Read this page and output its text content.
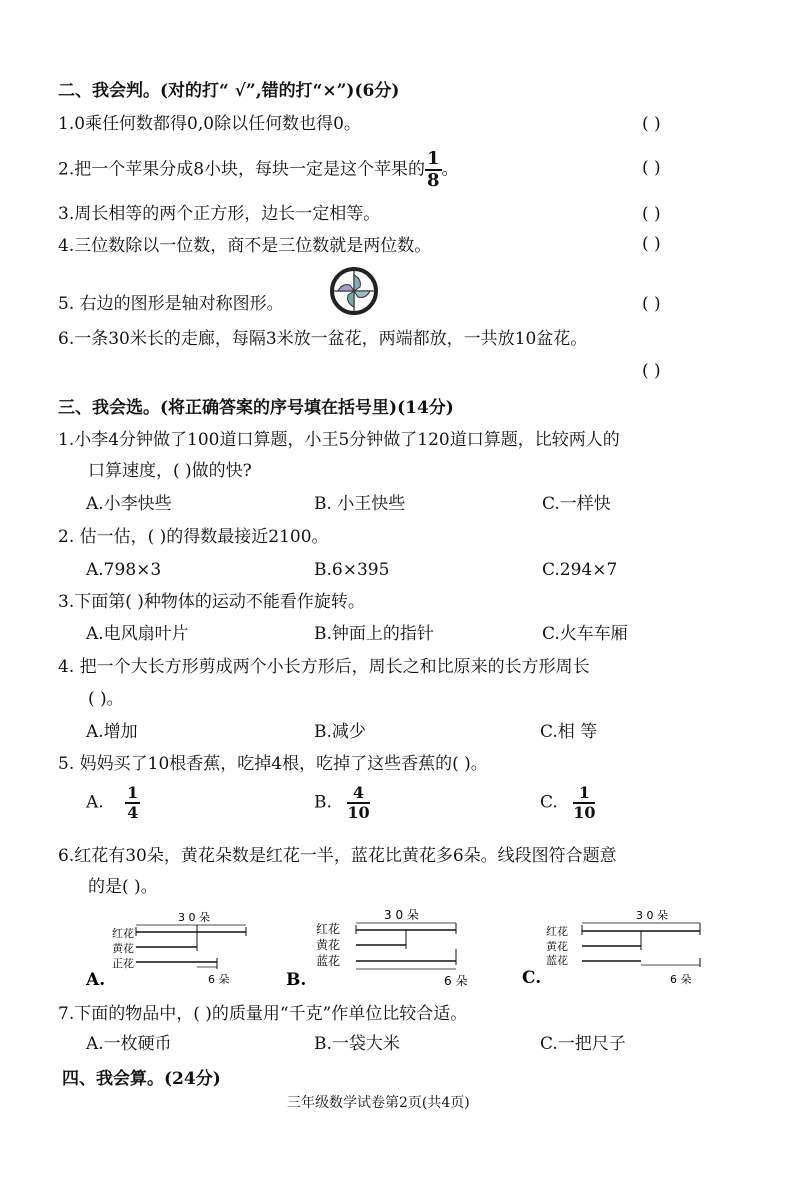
二、我会判。(对的打“ √”,错的打“×”)(6分)
1.0乘任何数都得0,0除以任何数也得0。	( )
2.把一个苹果分成8小块，每块一定是这个苹果的 $\frac{1}{8}$ 。	( )
3.周长相等的两个正方形，边长一定相等。	( )
4.三位数除以一位数，商不是三位数就是两位数。	( )
5. 右边的图形是轴对称图形。	( )
6.一条30米长的走廊，每隔3米放一盆花，两端都放，一共放10盆花。
( )
三、我会选。(将正确答案的序号填在括号里)(14分)
1.小李4分钟做了100道口算题，小王5分钟做了120道口算题，比较两人的
口算速度，( )做的快?
A.小李快些	B. 小王快些	C.一样快
2. 估一估，( )的得数最接近2100。
A.798×3	B.6×395	C.294×7
3.下面第( )种物体的运动不能看作旋转。
A.电风扇叶片	B.钟面上的指针	C.火车车厢
4. 把一个大长方形剪成两个小长方形后，周长之和比原来的长方形周长
( )。
A.增加	B.减少	C.相 等
5. 妈妈买了10根香蕉，吃掉4根，吃掉了这些香蕉的( )。
A. $\frac{1}{4}$	B. $\frac{4}{10}$	C. $\frac{1}{10}$
6.红花有30朵，黄花朵数是红花一半，蓝花比黄花多6朵。线段图符合题意
的是( )。
3 0 朵
红花
黄花
正花
6 朵
A.
3 0 朵
红花
黄花
蓝花
6 朵
B.
3 0 朵
红花
黄花
蓝花
6 朵
C.
7.下面的物品中，( )的质量用“千克”作单位比较合适。
A.一枚硬币	B.一袋大米	C.一把尺子
四、我会算。(24分)
三年级数学试卷第2页(共4页)
